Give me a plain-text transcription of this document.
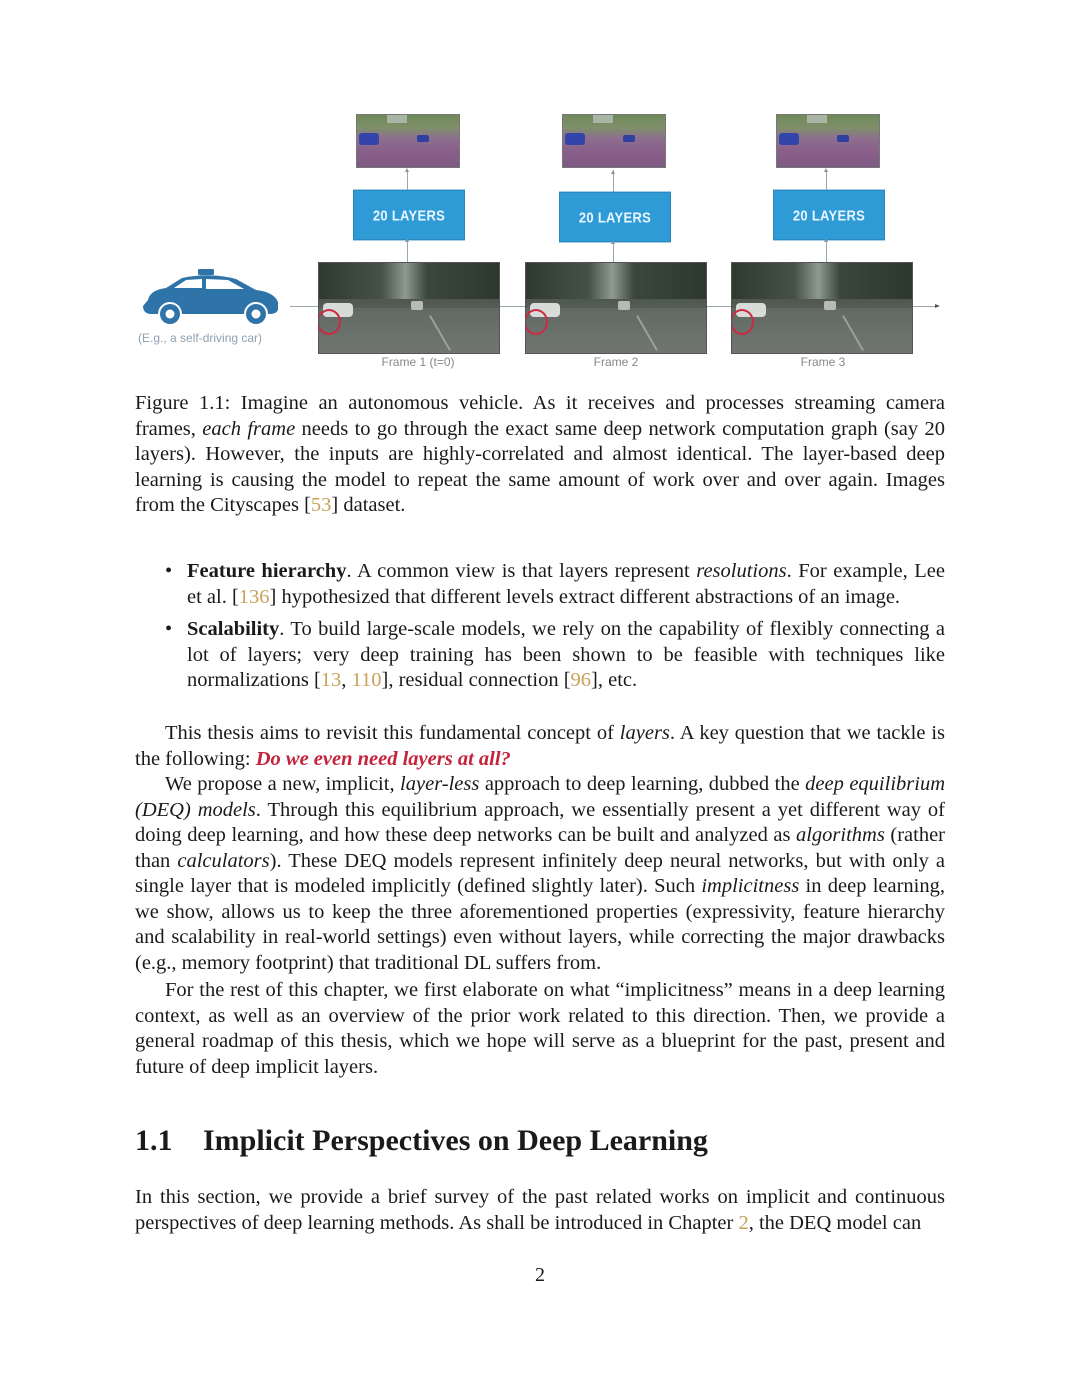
(E.g., a self-driving car)
20 LAYERS
Frame 1 (t=0)
20 LAYERS
Frame 2
20 LAYERS
Frame 3

Figure 1.1: Imagine an autonomous vehicle. As it receives and processes streaming camera frames, each frame needs to go through the exact same deep network computation graph (say 20 layers). However, the inputs are highly-correlated and almost identical. The layer-based deep learning is causing the model to repeat the same amount of work over and over again. Images from the Cityscapes [53] dataset.

• Feature hierarchy. A common view is that layers represent resolutions. For example, Lee et al. [136] hypothesized that different levels extract different abstractions of an image.
• Scalability. To build large-scale models, we rely on the capability of flexibly connecting a lot of layers; very deep training has been shown to be feasible with techniques like normalizations [13, 110], residual connection [96], etc.

This thesis aims to revisit this fundamental concept of layers. A key question that we tackle is the following: Do we even need layers at all?

We propose a new, implicit, layer-less approach to deep learning, dubbed the deep equilibrium (DEQ) models. Through this equilibrium approach, we essentially present a yet different way of doing deep learning, and how these deep networks can be built and analyzed as algorithms (rather than calculators). These DEQ models represent infinitely deep neural networks, but with only a single layer that is modeled implicitly (defined slightly later). Such implicitness in deep learning, we show, allows us to keep the three aforementioned properties (expressivity, feature hierarchy and scalability in real-world settings) even without layers, while correcting the major drawbacks (e.g., memory footprint) that traditional DL suffers from.

For the rest of this chapter, we first elaborate on what “implicitness” means in a deep learning context, as well as an overview of the prior work related to this direction. Then, we provide a general roadmap of this thesis, which we hope will serve as a blueprint for the past, present and future of deep implicit layers.

1.1 Implicit Perspectives on Deep Learning

In this section, we provide a brief survey of the past related works on implicit and continuous perspectives of deep learning methods. As shall be introduced in Chapter 2, the DEQ model can

2
